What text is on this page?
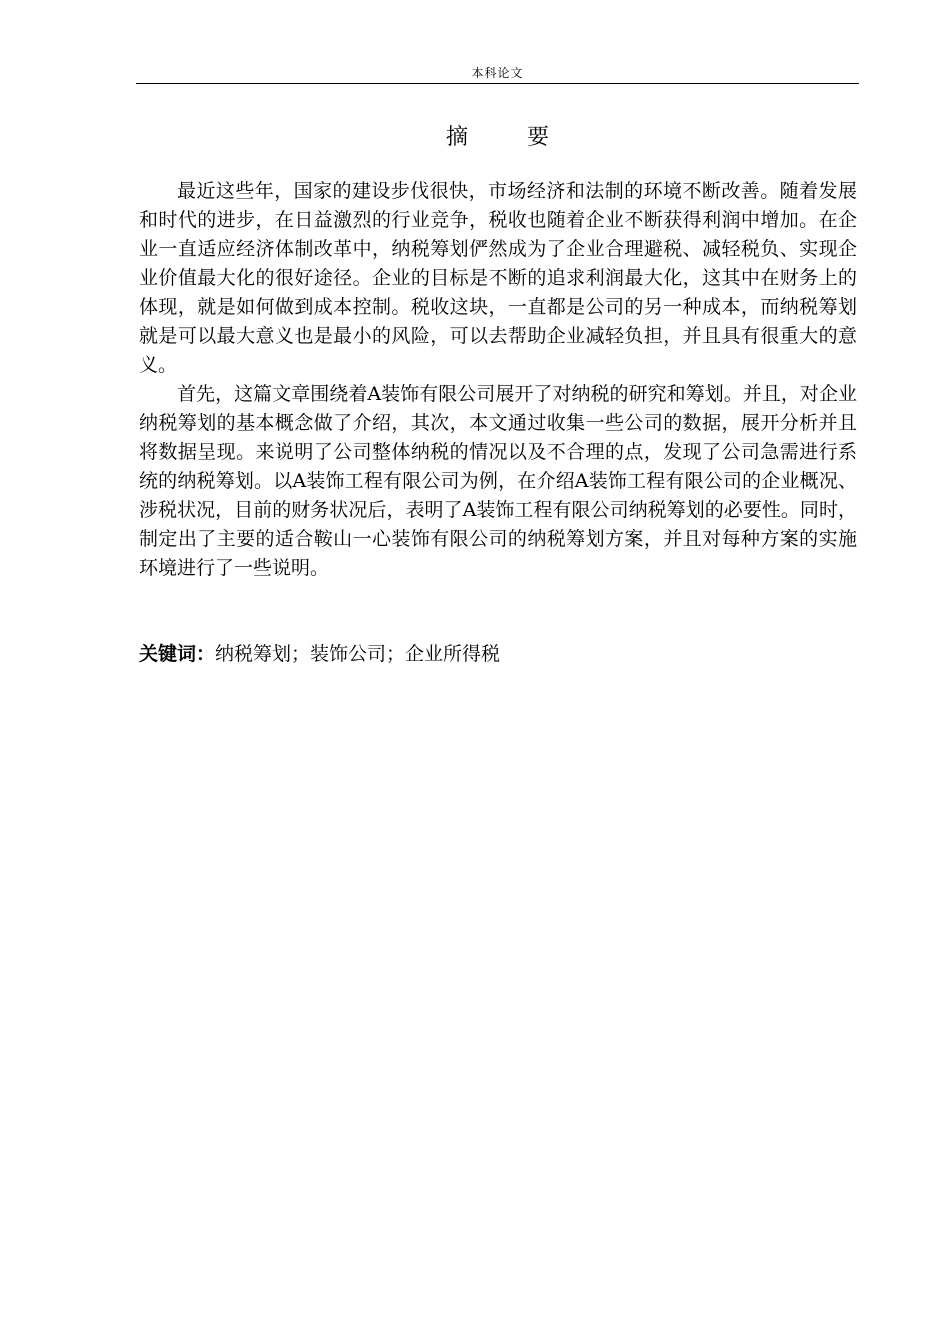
本科论文
摘 要

最近这些年，国家的建设步伐很快，市场经济和法制的环境不断改善。随着发展和时代的进步，在日益激烈的行业竞争，税收也随着企业不断获得利润中增加。在企业一直适应经济体制改革中，纳税筹划俨然成为了企业合理避税、减轻税负、实现企业价值最大化的很好途径。企业的目标是不断的追求利润最大化，这其中在财务上的体现，就是如何做到成本控制。税收这块，一直都是公司的另一种成本，而纳税筹划就是可以最大意义也是最小的风险，可以去帮助企业减轻负担，并且具有很重大的意义。

首先，这篇文章围绕着A装饰有限公司展开了对纳税的研究和筹划。并且，对企业纳税筹划的基本概念做了介绍，其次，本文通过收集一些公司的数据，展开分析并且将数据呈现。来说明了公司整体纳税的情况以及不合理的点，发现了公司急需进行系统的纳税筹划。以A装饰工程有限公司为例，在介绍A装饰工程有限公司的企业概况、涉税状况，目前的财务状况后，表明了A装饰工程有限公司纳税筹划的必要性。同时，制定出了主要的适合鞍山一心装饰有限公司的纳税筹划方案，并且对每种方案的实施环境进行了一些说明。

关键词：纳税筹划；装饰公司；企业所得税
